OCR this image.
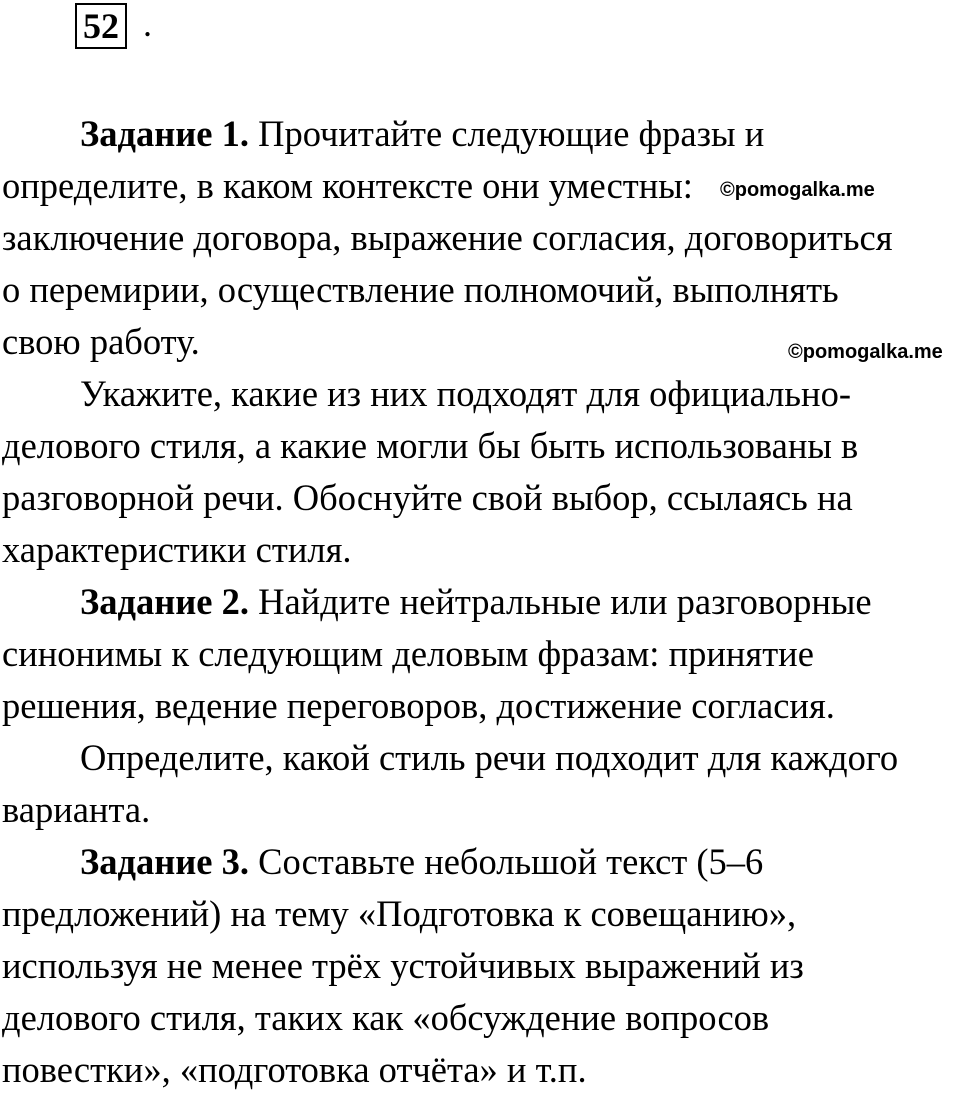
52 .
Задание 1. Прочитайте следующие фразы и
определите, в каком контексте они уместны:
заключение договора, выражение согласия, договориться
о перемирии, осуществление полномочий, выполнять
свою работу.
Укажите, какие из них подходят для официально-
делового стиля, а какие могли бы быть использованы в
разговорной речи. Обоснуйте свой выбор, ссылаясь на
характеристики стиля.
Задание 2. Найдите нейтральные или разговорные
синонимы к следующим деловым фразам: принятие
решения, ведение переговоров, достижение согласия.
Определите, какой стиль речи подходит для каждого
варианта.
Задание 3. Составьте небольшой текст (5–6
предложений) на тему «Подготовка к совещанию»,
используя не менее трёх устойчивых выражений из
делового стиля, таких как «обсуждение вопросов
повестки», «подготовка отчёта» и т.п.
©pomogalka.me
©pomogalka.me
